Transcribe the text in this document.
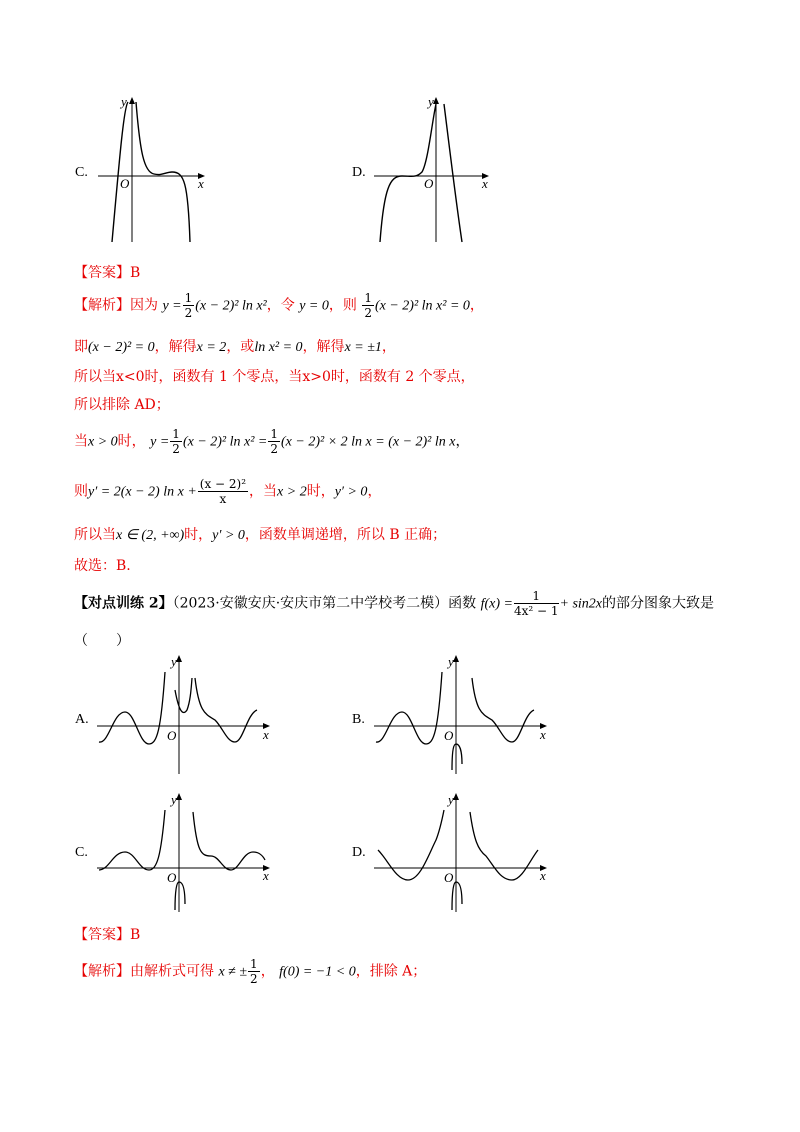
C.
y
x
O
D.
y
x
O
【答案】B
【解析】因为 $y = \frac{1}{2} (x - 2)^2$ ln x²，令 y = 0，则 $\frac{1}{2} (x - 2)^2$ ln x² = 0，
即(x − 2)² = 0，解得x = 2，或ln x² = 0，解得x = ±1，
所以当x<0时，函数有 1 个零点，当x>0时，函数有 2 个零点，
所以排除 AD；
当x > 0时， $y = \frac{1}{2} (x - 2)^2$ $\ln x^2 = \frac{1}{2} (x - 2)^2 \times 2$ ln x = (x − 2)² ln x，
则y′ = 2(x − 2) $\ln x + \frac{\text{(x − 2)²}}{x}$ ，当x > 2时，y′ > 0，
所以当x ∈ (2, +∞)时，y′ > 0，函数单调递增，所以 B 正确；
故选：B.
【对点训练 2】（2023·安徽安庆·安庆市第二中学校考二模）函数 $f(x) = \frac{1}{\text{4x² − 1}} + \sin 2x$的部分图象大致是
（　　）
A.
y
x
O
B.
y
x
O
C.
y
x
O
D.
y
x
O
【答案】B
【解析】由解析式可得 x ≠ ± $\frac{1}{2}$ ， f(0) = −1 < 0，排除 A；
